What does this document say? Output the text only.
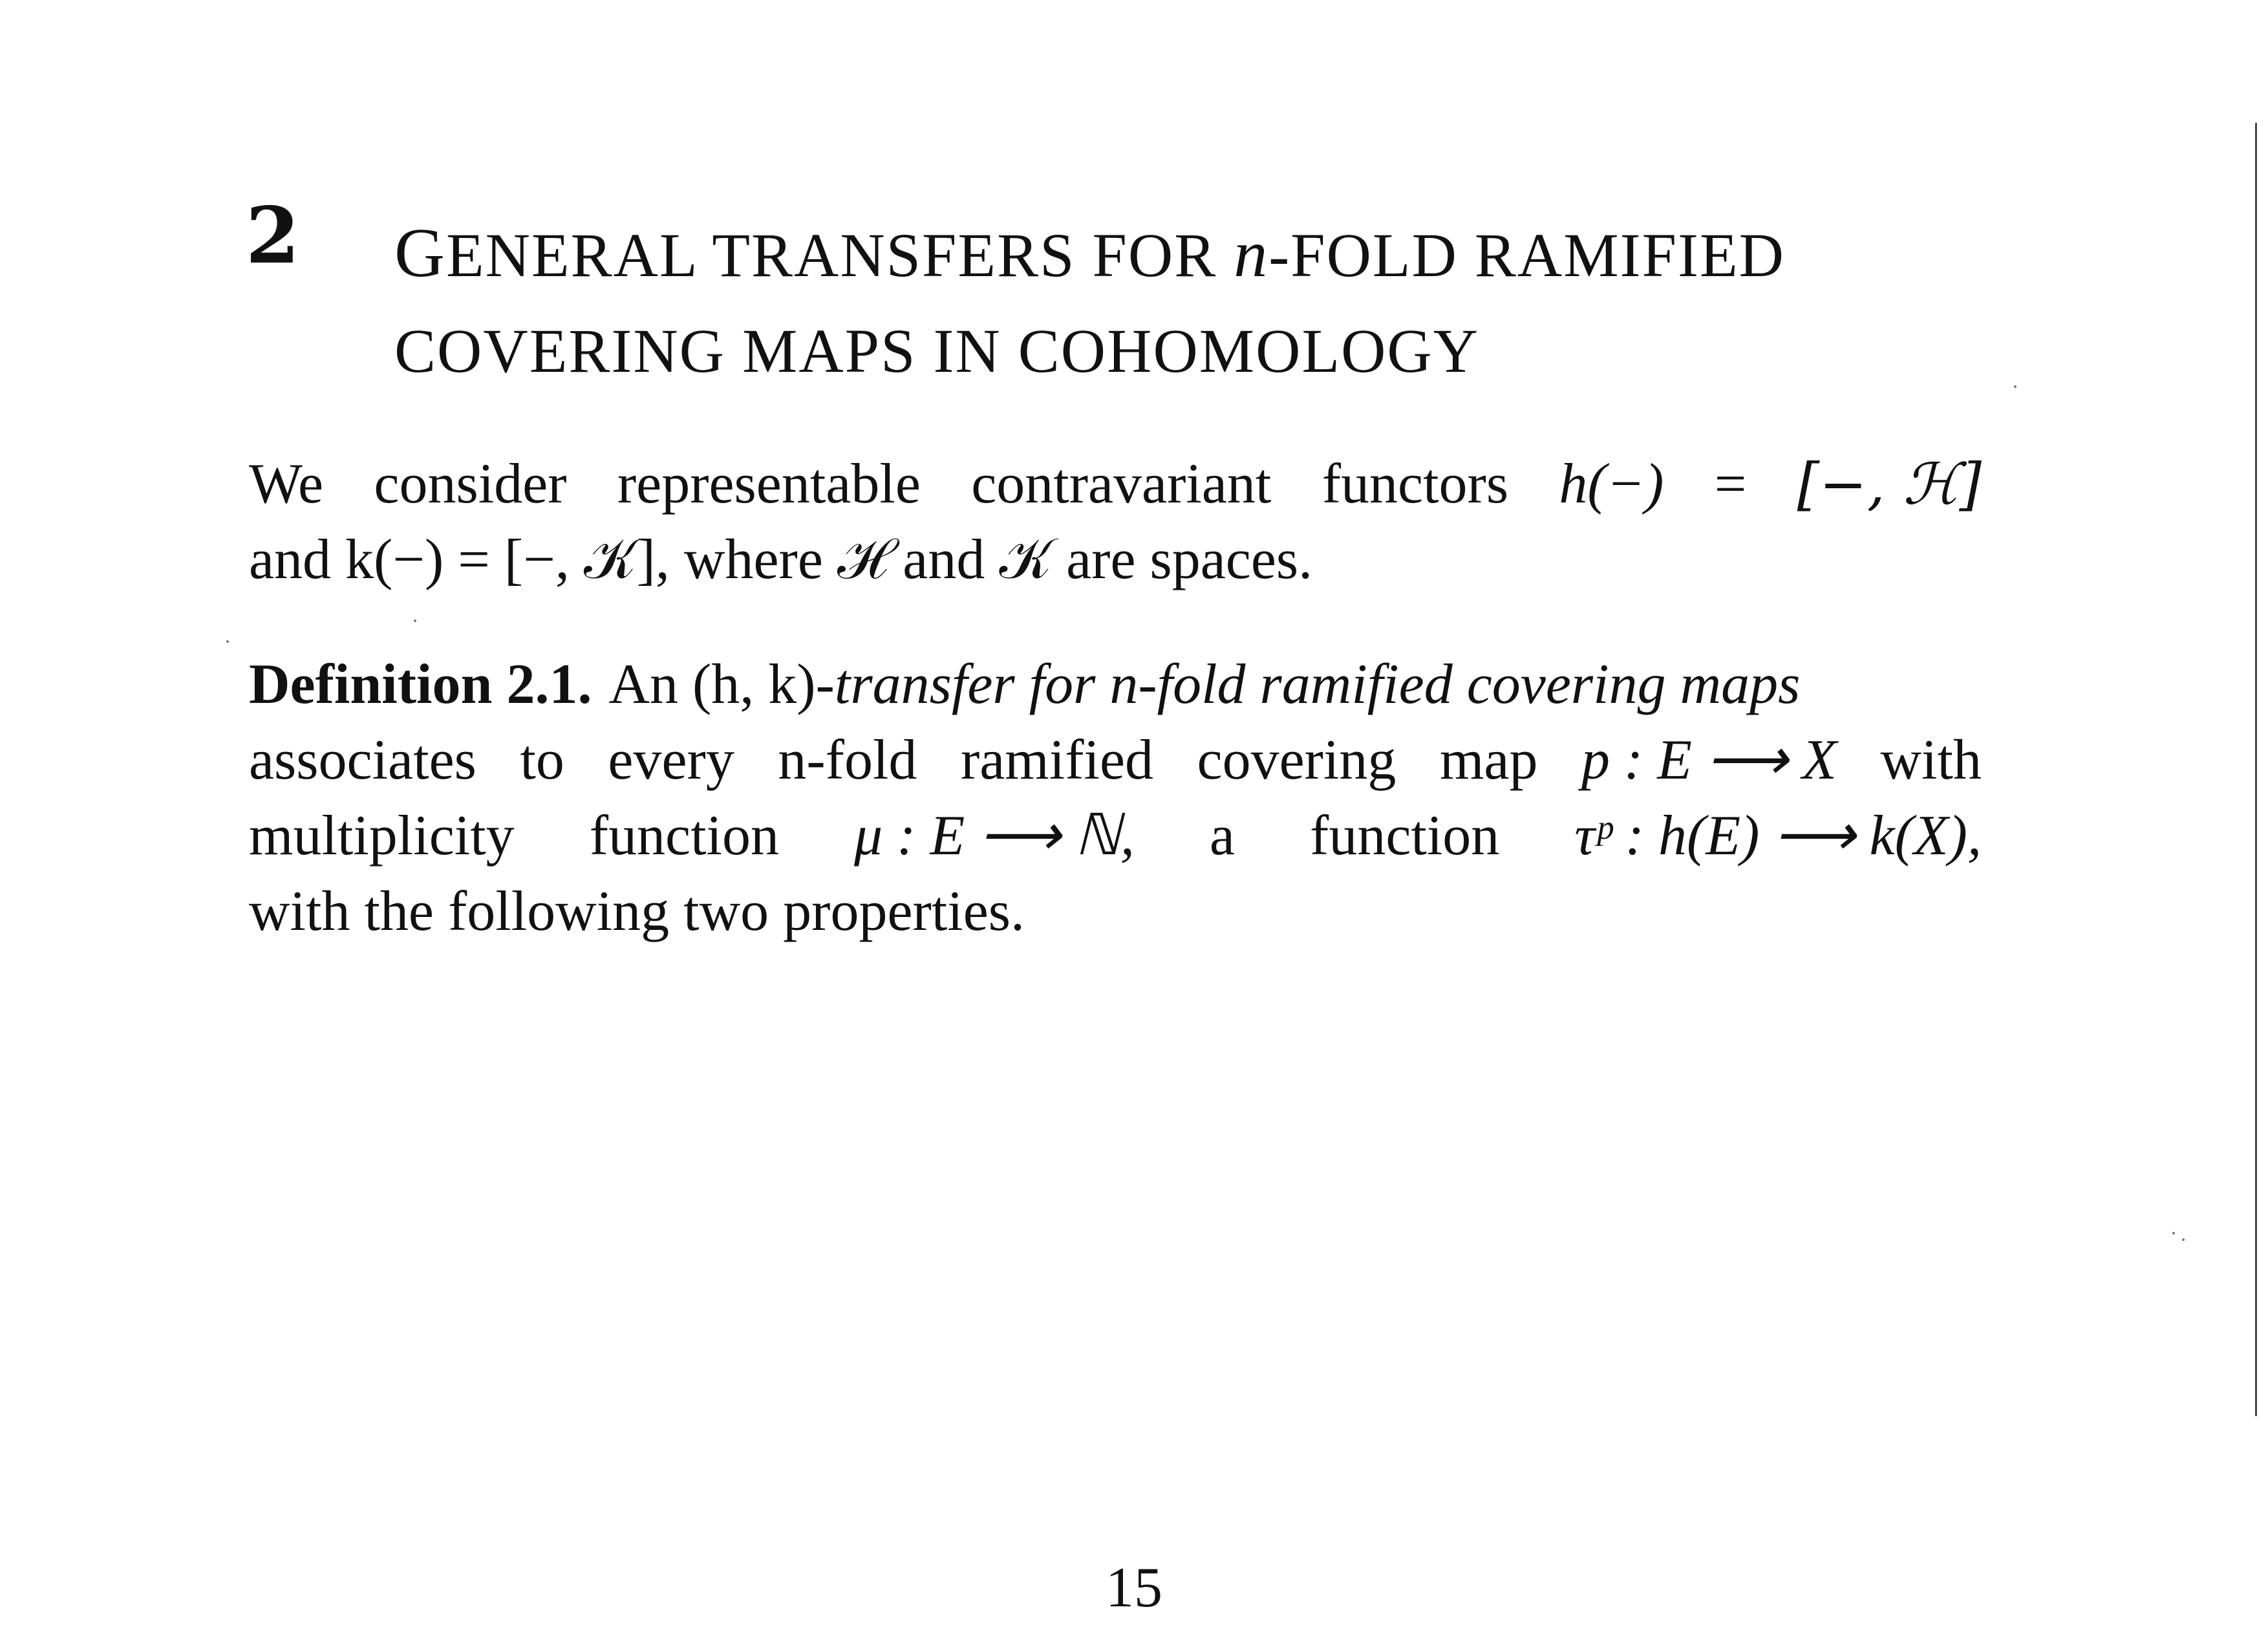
2 GENERAL TRANSFERS FOR n-FOLD RAMIFIED
COVERING MAPS IN COHOMOLOGY
We consider representable contravariant functors h(−) = [−, ℋ]
and k(−) = [−, 𝒦], where ℋ and 𝒦 are spaces.
Definition 2.1. An (h, k)- transfer for n-fold ramified covering maps
associates to every n-fold ramified covering map p : E ⟶ X with
multiplicity function μ : E ⟶ ℕ, a function τᵖ : h(E) ⟶ k(X),
with the following two properties.
15
